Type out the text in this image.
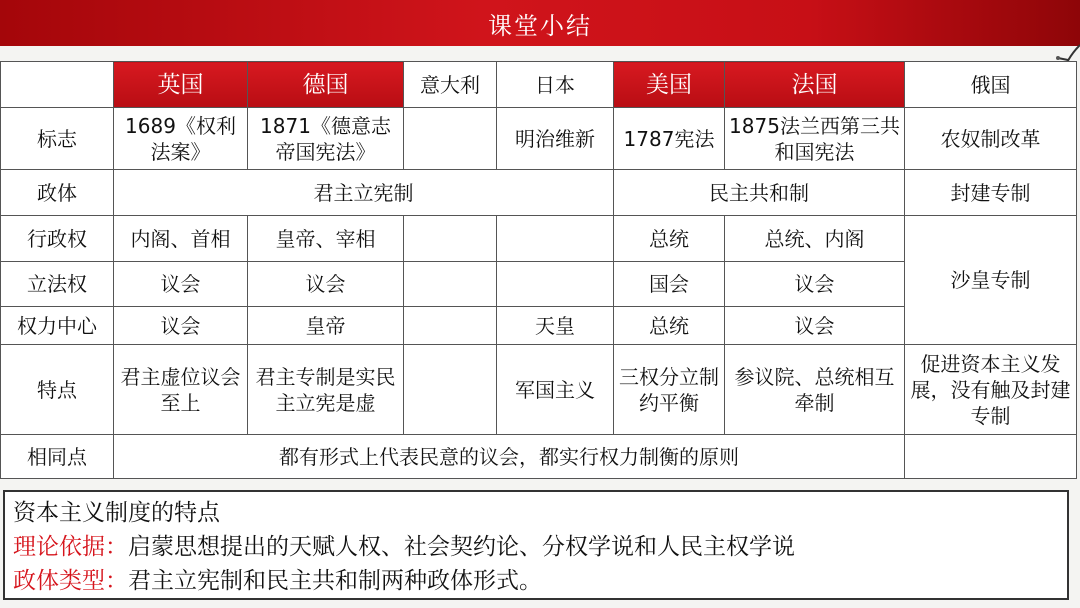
课堂小结
	英国	德国	意大利	日本	美国	法国	俄国
标志	1689《权利法案》	1871《德意志帝国宪法》		明治维新	1787宪法	1875法兰西第三共和国宪法	农奴制改革
政体	君主立宪制				民主共和制		封建专制
行政权	内阁、首相	皇帝、宰相			总统	总统、内阁	沙皇专制
立法权	议会	议会			国会	议会	
权力中心	议会	皇帝		天皇	总统	议会	
特点	君主虚位议会至上	君主专制是实民主立宪是虚		军国主义	三权分立制约平衡	参议院、总统相互牵制	促进资本主义发展，没有触及封建专制
相同点	都有形式上代表民意的议会，都实行权力制衡的原则						
资本主义制度的特点
理论依据：启蒙思想提出的天赋人权、社会契约论、分权学说和人民主权学说
政体类型：君主立宪制和民主共和制两种政体形式。
